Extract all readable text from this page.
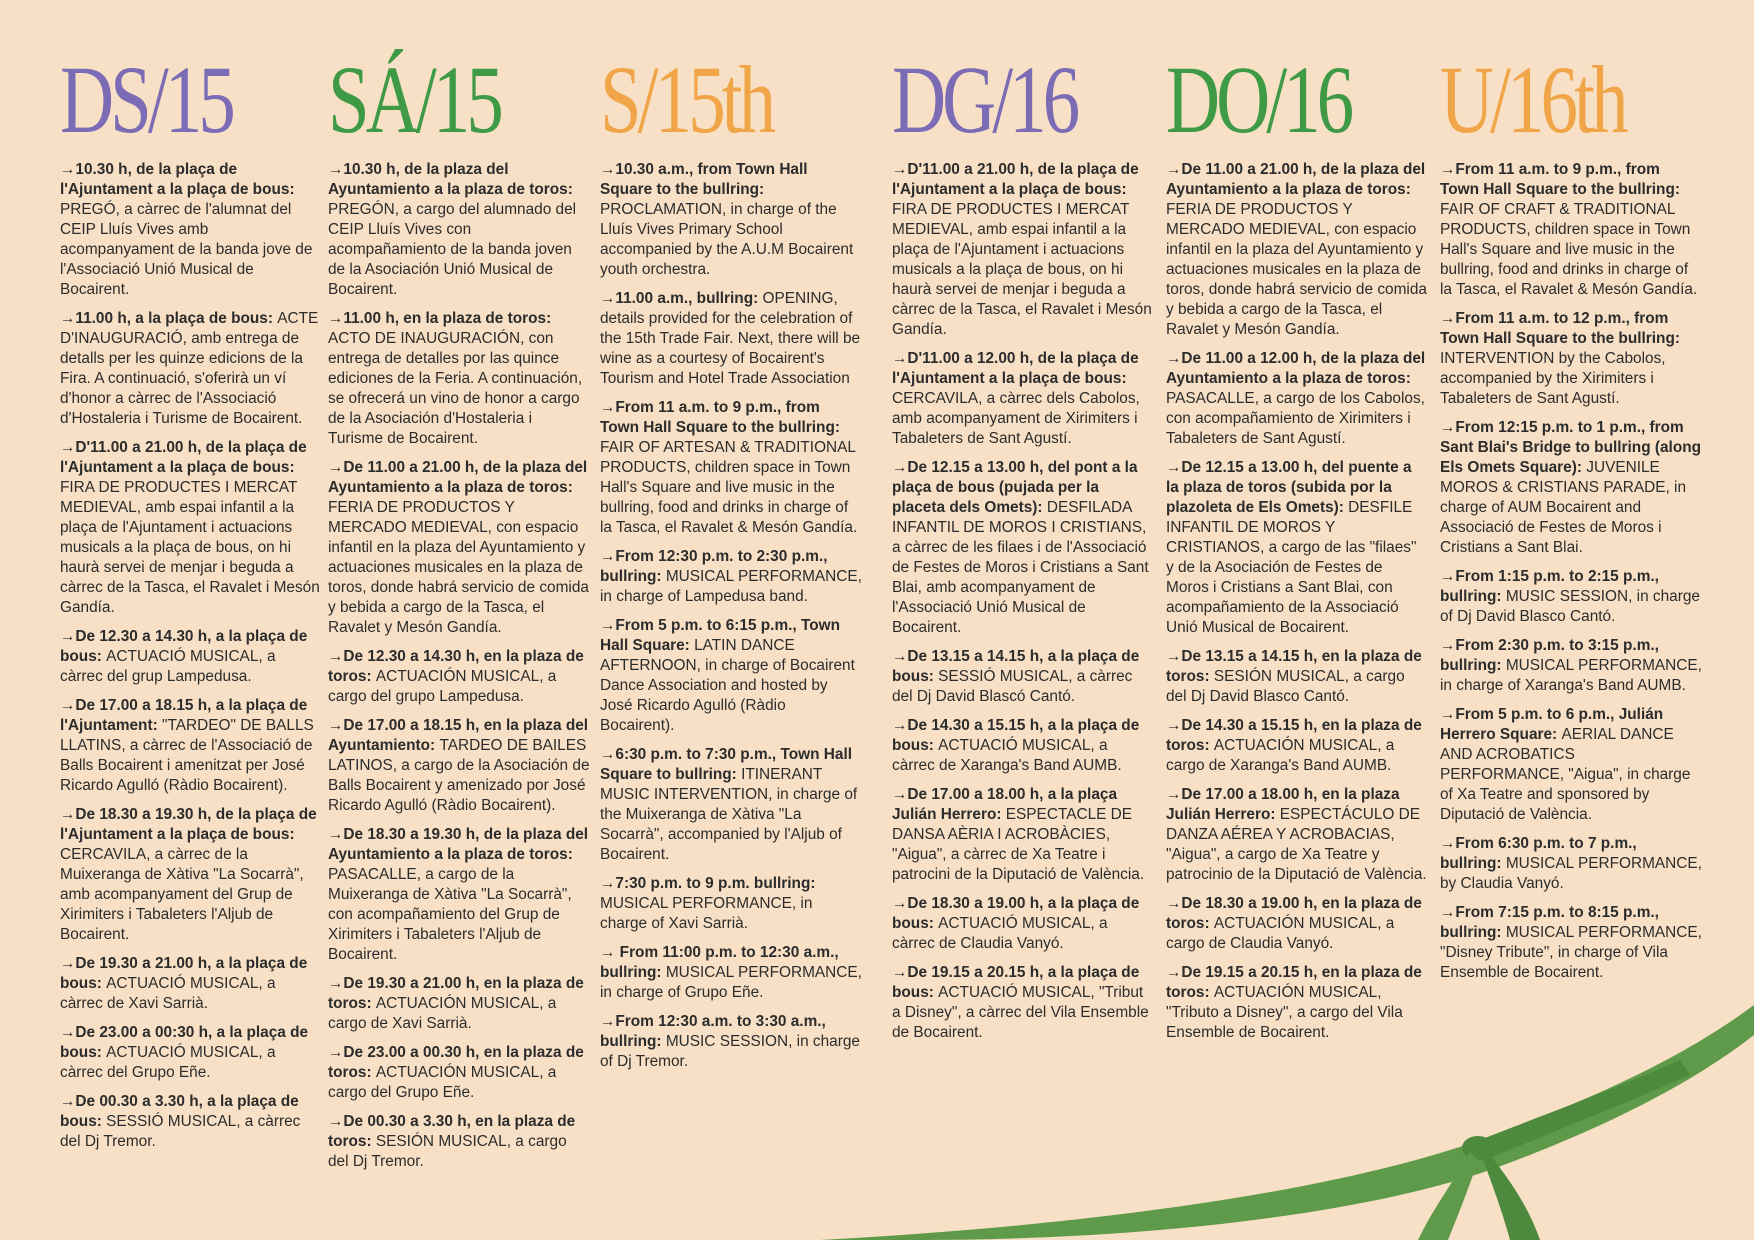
DS/15
→10.30 h, de la plaça de l'Ajuntament a la plaça de bous: PREGÓ, a càrrec de l'alumnat del CEIP Lluís Vives amb acompanyament de la banda jove de l'Associació Unió Musical de Bocairent.
→11.00 h, a la plaça de bous: ACTE D'INAUGURACIÓ, amb entrega de detalls per les quinze edicions de la Fira. A continuació, s'oferirà un ví d'honor a càrrec de l'Associació d'Hostaleria i Turisme de Bocairent.
→D'11.00 a 21.00 h, de la plaça de l'Ajuntament a la plaça de bous: FIRA DE PRODUCTES I MERCAT MEDIEVAL, amb espai infantil a la plaça de l'Ajuntament i actuacions musicals a la plaça de bous, on hi haurà servei de menjar i beguda a càrrec de la Tasca, el Ravalet i Mesón Gandía.
→De 12.30 a 14.30 h, a la plaça de bous: ACTUACIÓ MUSICAL, a càrrec del grup Lampedusa.
→De 17.00 a 18.15 h, a la plaça de l'Ajuntament: "TARDEO" DE BALLS LLATINS, a càrrec de l'Associació de Balls Bocairent i amenitzat per José Ricardo Agulló (Ràdio Bocairent).
→De 18.30 a 19.30 h, de la plaça de l'Ajuntament a la plaça de bous: CERCAVILA, a càrrec de la Muixeranga de Xàtiva "La Socarrà", amb acompanyament del Grup de Xirimiters i Tabaleters l'Aljub de Bocairent.
→De 19.30 a 21.00 h, a la plaça de bous: ACTUACIÓ MUSICAL, a càrrec de Xavi Sarrià.
→De 23.00 a 00:30 h, a la plaça de bous: ACTUACIÓ MUSICAL, a càrrec del Grupo Eñe.
→De 00.30 a 3.30 h, a la plaça de bous: SESSIÓ MUSICAL, a càrrec del Dj Tremor.
SÁ/15
→10.30 h, de la plaza del Ayuntamiento a la plaza de toros: PREGÓN, a cargo del alumnado del CEIP Lluís Vives con acompañamiento de la banda joven de la Asociación Unió Musical de Bocairent.
→11.00 h, en la plaza de toros: ACTO DE INAUGURACIÓN, con entrega de detalles por las quince ediciones de la Feria. A continuación, se ofrecerá un vino de honor a cargo de la Asociación d'Hostaleria i Turisme de Bocairent.
→De 11.00 a 21.00 h, de la plaza del Ayuntamiento a la plaza de toros: FERIA DE PRODUCTOS Y MERCADO MEDIEVAL, con espacio infantil en la plaza del Ayuntamiento y actuaciones musicales en la plaza de toros, donde habrá servicio de comida y bebida a cargo de la Tasca, el Ravalet y Mesón Gandía.
→De 12.30 a 14.30 h, en la plaza de toros: ACTUACIÓN MUSICAL, a cargo del grupo Lampedusa.
→De 17.00 a 18.15 h, en la plaza del Ayuntamiento: TARDEO DE BAILES LATINOS, a cargo de la Asociación de Balls Bocairent y amenizado por José Ricardo Agulló (Ràdio Bocairent).
→De 18.30 a 19.30 h, de la plaza del Ayuntamiento a la plaza de toros: PASACALLE, a cargo de la Muixeranga de Xàtiva "La Socarrà", con acompañamiento del Grup de Xirimiters i Tabaleters l'Aljub de Bocairent.
→De 19.30 a 21.00 h, en la plaza de toros: ACTUACIÓN MUSICAL, a cargo de Xavi Sarrià.
→De 23.00 a 00.30 h, en la plaza de toros: ACTUACIÓN MUSICAL, a cargo del Grupo Eñe.
→De 00.30 a 3.30 h, en la plaza de toros: SESIÓN MUSICAL, a cargo del Dj Tremor.
S/15th
→10.30 a.m., from Town Hall Square to the bullring: PROCLAMATION, in charge of the Lluís Vives Primary School accompanied by the A.U.M Bocairent youth orchestra.
→11.00 a.m., bullring: OPENING, details provided for the celebration of the 15th Trade Fair. Next, there will be wine as a courtesy of Bocairent's Tourism and Hotel Trade Association
→From 11 a.m. to 9 p.m., from Town Hall Square to the bullring: FAIR OF ARTESAN & TRADITIONAL PRODUCTS, children space in Town Hall's Square and live music in the bullring, food and drinks in charge of la Tasca, el Ravalet & Mesón Gandía.
→From 12:30 p.m. to 2:30 p.m., bullring: MUSICAL PERFORMANCE, in charge of Lampedusa band.
→From 5 p.m. to 6:15 p.m., Town Hall Square: LATIN DANCE AFTERNOON, in charge of Bocairent Dance Association and hosted by José Ricardo Agulló (Ràdio Bocairent).
→6:30 p.m. to 7:30 p.m., Town Hall Square to bullring: ITINERANT MUSIC INTERVENTION, in charge of the Muixeranga de Xàtiva "La Socarrà", accompanied by l'Aljub of Bocairent.
→7:30 p.m. to 9 p.m. bullring: MUSICAL PERFORMANCE, in charge of Xavi Sarrià.
→ From 11:00 p.m. to 12:30 a.m., bullring: MUSICAL PERFORMANCE, in charge of Grupo Eñe.
→From 12:30 a.m. to 3:30 a.m., bullring: MUSIC SESSION, in charge of Dj Tremor.
DG/16
→D'11.00 a 21.00 h, de la plaça de l'Ajuntament a la plaça de bous: FIRA DE PRODUCTES I MERCAT MEDIEVAL, amb espai infantil a la plaça de l'Ajuntament i actuacions musicals a la plaça de bous, on hi haurà servei de menjar i beguda a càrrec de la Tasca, el Ravalet i Mesón Gandía.
→D'11.00 a 12.00 h, de la plaça de l'Ajuntament a la plaça de bous: CERCAVILA, a càrrec dels Cabolos, amb acompanyament de Xirimiters i Tabaleters de Sant Agustí.
→De 12.15 a 13.00 h, del pont a la plaça de bous (pujada per la placeta dels Omets): DESFILADA INFANTIL DE MOROS I CRISTIANS, a càrrec de les filaes i de l'Associació de Festes de Moros i Cristians a Sant Blai, amb acompanyament de l'Associació Unió Musical de Bocairent.
→De 13.15 a 14.15 h, a la plaça de bous: SESSIÓ MUSICAL, a càrrec del Dj David Blascó Cantó.
→De 14.30 a 15.15 h, a la plaça de bous: ACTUACIÓ MUSICAL, a càrrec de Xaranga's Band AUMB.
→De 17.00 a 18.00 h, a la plaça Julián Herrero: ESPECTACLE DE DANSA AÈRIA I ACROBÀCIES, "Aigua", a càrrec de Xa Teatre i patrocini de la Diputació de València.
→De 18.30 a 19.00 h, a la plaça de bous: ACTUACIÓ MUSICAL, a càrrec de Claudia Vanyó.
→De 19.15 a 20.15 h, a la plaça de bous: ACTUACIÓ MUSICAL, "Tribut a Disney", a càrrec del Vila Ensemble de Bocairent.
DO/16
→De 11.00 a 21.00 h, de la plaza del Ayuntamiento a la plaza de toros: FERIA DE PRODUCTOS Y MERCADO MEDIEVAL, con espacio infantil en la plaza del Ayuntamiento y actuaciones musicales en la plaza de toros, donde habrá servicio de comida y bebida a cargo de la Tasca, el Ravalet y Mesón Gandía.
→De 11.00 a 12.00 h, de la plaza del Ayuntamiento a la plaza de toros: PASACALLE, a cargo de los Cabolos, con acompañamiento de Xirimiters i Tabaleters de Sant Agustí.
→De 12.15 a 13.00 h, del puente a la plaza de toros (subida por la plazoleta de Els Omets): DESFILE INFANTIL DE MOROS Y CRISTIANOS, a cargo de las "filaes" y de la Asociación de Festes de Moros i Cristians a Sant Blai, con acompañamiento de la Associació Unió Musical de Bocairent.
→De 13.15 a 14.15 h, en la plaza de toros: SESIÓN MUSICAL, a cargo del Dj David Blasco Cantó.
→De 14.30 a 15.15 h, en la plaza de toros: ACTUACIÓN MUSICAL, a cargo de Xaranga's Band AUMB.
→De 17.00 a 18.00 h, en la plaza Julián Herrero: ESPECTÁCULO DE DANZA AÉREA Y ACROBACIAS, "Aigua", a cargo de Xa Teatre y patrocinio de la Diputació de València.
→De 18.30 a 19.00 h, en la plaza de toros: ACTUACIÓN MUSICAL, a cargo de Claudia Vanyó.
→De 19.15 a 20.15 h, en la plaza de toros: ACTUACIÓN MUSICAL, "Tributo a Disney", a cargo del Vila Ensemble de Bocairent.
U/16th
→From 11 a.m. to 9 p.m., from Town Hall Square to the bullring: FAIR OF CRAFT & TRADITIONAL PRODUCTS, children space in Town Hall's Square and live music in the bullring, food and drinks in charge of la Tasca, el Ravalet & Mesón Gandía.
→From 11 a.m. to 12 p.m., from Town Hall Square to the bullring: INTERVENTION by the Cabolos, accompanied by the Xirimiters i Tabaleters de Sant Agustí.
→From 12:15 p.m. to 1 p.m., from Sant Blai's Bridge to bullring (along Els Omets Square): JUVENILE MOROS & CRISTIANS PARADE, in charge of AUM Bocairent and Associació de Festes de Moros i Cristians a Sant Blai.
→From 1:15 p.m. to 2:15 p.m., bullring: MUSIC SESSION, in charge of Dj David Blasco Cantó.
→From 2:30 p.m. to 3:15 p.m., bullring: MUSICAL PERFORMANCE, in charge of Xaranga's Band AUMB.
→From 5 p.m. to 6 p.m., Julián Herrero Square: AERIAL DANCE AND ACROBATICS PERFORMANCE, "Aigua", in charge of Xa Teatre and sponsored by Diputació de València.
→From 6:30 p.m. to 7 p.m., bullring: MUSICAL PERFORMANCE, by Claudia Vanyó.
→From 7:15 p.m. to 8:15 p.m., bullring: MUSICAL PERFORMANCE, "Disney Tribute", in charge of Vila Ensemble de Bocairent.
